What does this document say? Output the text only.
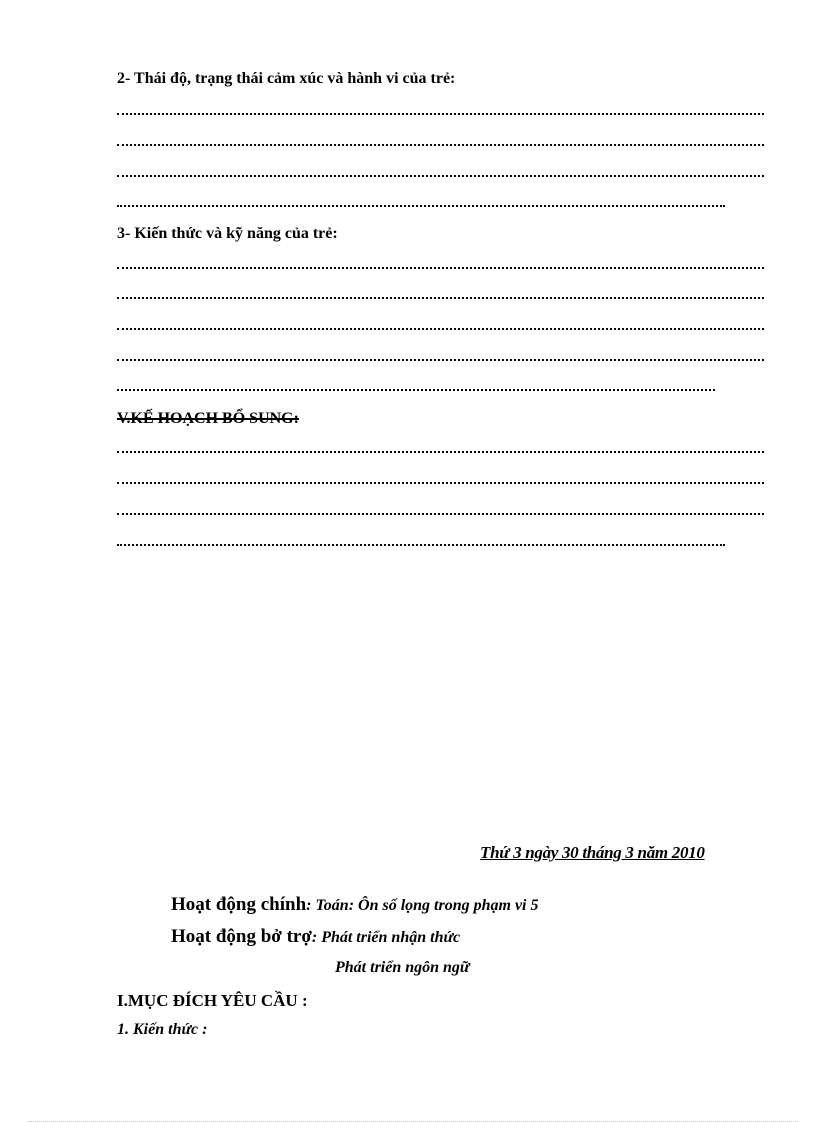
2- Thái độ, trạng thái cảm xúc và hành vi của trẻ:
3- Kiến thức và kỹ năng của trẻ:
V.KẾ HOẠCH BỔ SUNG:
Thứ 3 ngày 30 tháng 3 năm 2010
Hoạt động chính: Toán: Ôn số lọng trong phạm vi 5
Hoạt động bở trợ: Phát triển nhận thức
Phát triển ngôn ngữ
I.MỤC ĐÍCH YÊU CẦU :
1. Kiến thức :
